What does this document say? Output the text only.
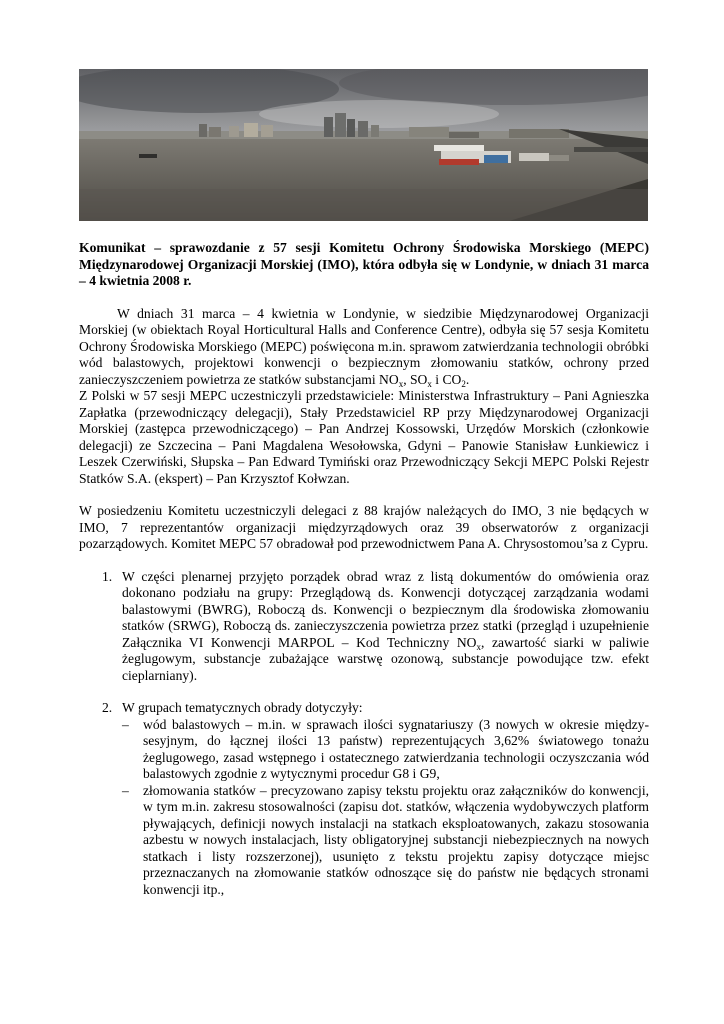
Komunikat – sprawozdanie z 57 sesji Komitetu Ochrony Środowiska Morskiego (MEPC) Międzynarodowej Organizacji Morskiej (IMO), która odbyła się w Londynie, w dniach 31 marca – 4 kwietnia 2008 r.

W dniach 31 marca – 4 kwietnia w Londynie, w siedzibie Międzynarodowej Organizacji Morskiej (w obiektach Royal Horticultural Halls and Conference Centre), odbyła się 57 sesja Komitetu Ochrony Środowiska Morskiego (MEPC) poświęcona m.in. sprawom zatwierdzania technologii obróbki wód balastowych, projektowi konwencji o bezpiecznym złomowaniu statków, ochrony przed zanieczyszczeniem powietrza ze statków substancjami $NO_x$, $SO_x$ i $CO_2$.

Z Polski w 57 sesji MEPC uczestniczyli przedstawiciele: Ministerstwa Infrastruktury – Pani Agnieszka Zapłatka (przewodniczący delegacji), Stały Przedstawiciel RP przy Międzynarodowej Organizacji Morskiej (zastępca przewodniczącego) – Pan Andrzej Kossowski, Urzędów Morskich (członkowie delegacji) ze Szczecina – Pani Magdalena Wesołowska, Gdyni – Panowie Stanisław Łunkiewicz i Leszek Czerwiński, Słupska – Pan Edward Tymiński oraz Przewodniczący Sekcji MEPC Polski Rejestr Statków S.A. (ekspert) – Pan Krzysztof Kołwzan.

W posiedzeniu Komitetu uczestniczyli delegaci z 88 krajów należących do IMO, 3 nie będących w IMO, 7 reprezentantów organizacji międzyrządowych oraz 39 obserwatorów z organizacji pozarządowych. Komitet MEPC 57 obradował pod przewodnictwem Pana A. Chrysostomou’sa z Cypru.

1. W części plenarnej przyjęto porządek obrad wraz z listą dokumentów do omówienia oraz dokonano podziału na grupy: Przeglądową ds. Konwencji dotyczącej zarządzania wodami balastowymi (BWRG), Roboczą ds. Konwencji o bezpiecznym dla środowiska złomowaniu statków (SRWG), Roboczą ds. zanieczyszczenia powietrza przez statki (przegląd i uzupełnienie Załącznika VI Konwencji MARPOL – Kod Techniczny $NO_x$, zawartość siarki w paliwie żeglugowym, substancje zubażające warstwę ozonową, substancje powodujące tzw. efekt cieplarniany).
2. W grupach tematycznych obrady dotyczyły:
– wód balastowych – m.in. w sprawach ilości sygnatariuszy (3 nowych w okresie między-sesyjnym, do łącznej ilości 13 państw) reprezentujących 3,62% światowego tonażu żeglugowego, zasad wstępnego i ostatecznego zatwierdzania technologii oczyszczania wód balastowych zgodnie z wytycznymi procedur G8 i G9,
– złomowania statków – precyzowano zapisy tekstu projektu oraz załączników do konwencji, w tym m.in. zakresu stosowalności (zapisu dot. statków, włączenia wydobywczych platform pływających, definicji nowych instalacji na statkach eksploatowanych, zakazu stosowania azbestu w nowych instalacjach, listy obligatoryjnej substancji niebezpiecznych na nowych statkach i listy rozszerzonej), usunięto z tekstu projektu zapisy dotyczące miejsc przeznaczanych na złomowanie statków odnoszące się do państw nie będących stronami konwencji itp.,
